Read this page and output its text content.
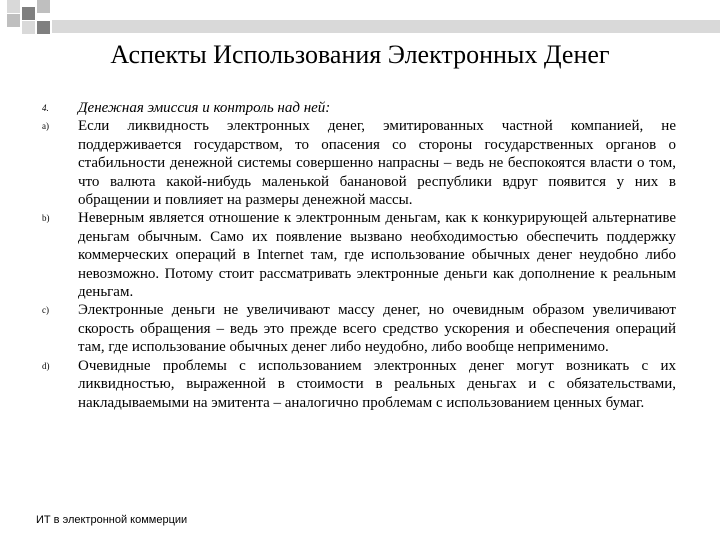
Аспекты Использования Электронных Денег
4.	Денежная эмиссия и контроль над ней:
a)	Если ликвидность электронных денег, эмитированных частной компанией, не поддерживается государством, то опасения со стороны государственных органов о стабильности денежной системы совершенно напрасны – ведь не беспокоятся власти о том, что валюта какой-нибудь маленькой банановой республики вдруг появится у них в обращении и повлияет на размеры денежной массы.
b)	Неверным является отношение к электронным деньгам, как к конкурирующей альтернативе деньгам обычным. Само их появление вызвано необходимостью обеспечить поддержку коммерческих операций в Internet там, где использование обычных денег неудобно либо невозможно. Потому стоит рассматривать электронные деньги как дополнение к реальным деньгам.
c)	Электронные деньги не увеличивают массу денег, но очевидным образом увеличивают скорость обращения – ведь это прежде всего средство ускорения и обеспечения операций там, где использование обычных денег либо неудобно, либо вообще неприменимо.
d)	Очевидные проблемы с использованием электронных денег могут возникать с их ликвидностью, выраженной в стоимости в реальных деньгах и с обязательствами, накладываемыми на эмитента – аналогично проблемам с использованием ценных бумаг.
ИТ в электронной коммерции
